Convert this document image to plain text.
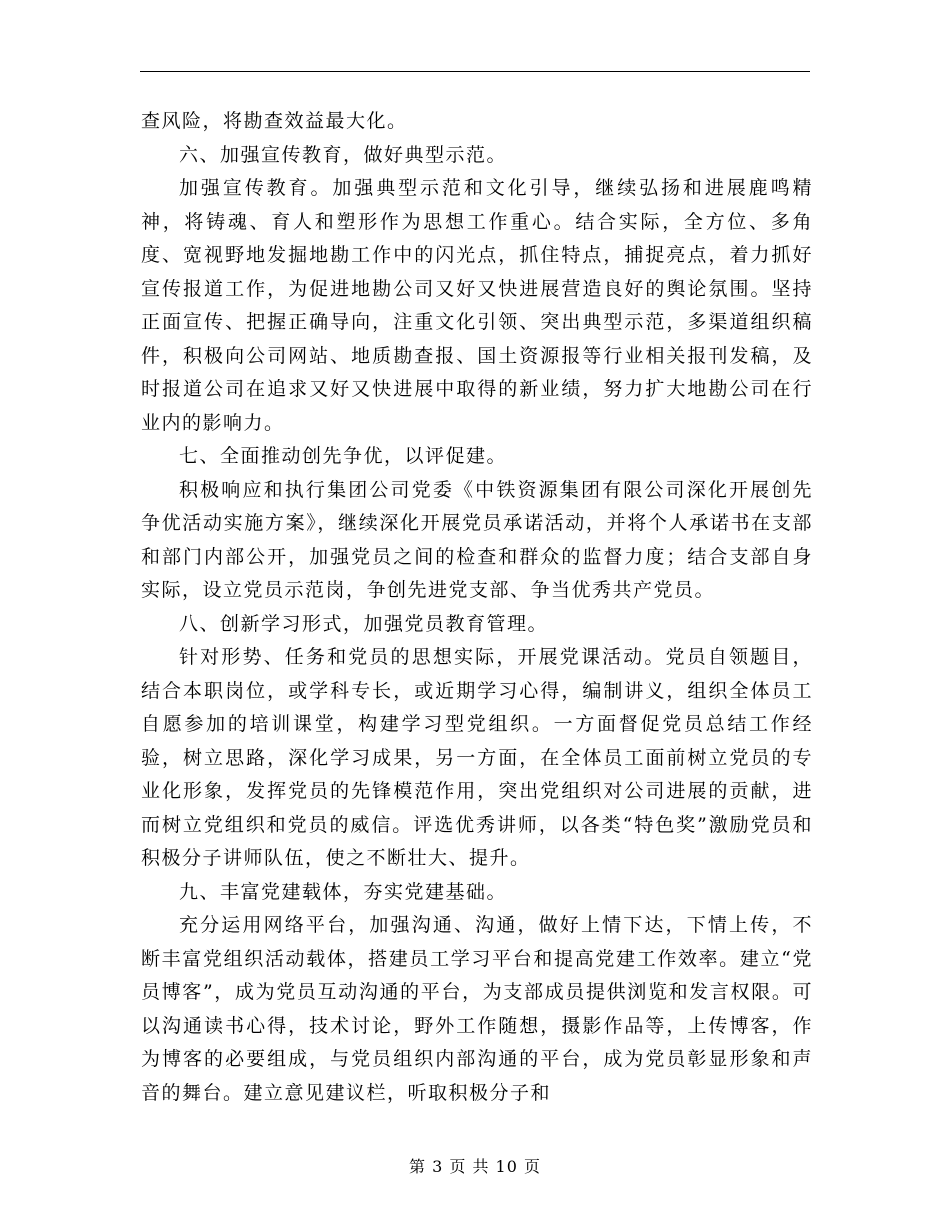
查风险，将勘查效益最大化。

六、加强宣传教育，做好典型示范。

加强宣传教育。加强典型示范和文化引导，继续弘扬和进展鹿鸣精神，将铸魂、育人和塑形作为思想工作重心。结合实际，全方位、多角度、宽视野地发掘地勘工作中的闪光点，抓住特点，捕捉亮点，着力抓好宣传报道工作，为促进地勘公司又好又快进展营造良好的舆论氛围。坚持正面宣传、把握正确导向，注重文化引领、突出典型示范，多渠道组织稿件，积极向公司网站、地质勘查报、国土资源报等行业相关报刊发稿，及时报道公司在追求又好又快进展中取得的新业绩，努力扩大地勘公司在行业内的影响力。

七、全面推动创先争优，以评促建。

积极响应和执行集团公司党委《中铁资源集团有限公司深化开展创先争优活动实施方案》，继续深化开展党员承诺活动，并将个人承诺书在支部和部门内部公开，加强党员之间的检查和群众的监督力度；结合支部自身实际，设立党员示范岗，争创先进党支部、争当优秀共产党员。

八、创新学习形式，加强党员教育管理。

针对形势、任务和党员的思想实际，开展党课活动。党员自领题目，结合本职岗位，或学科专长，或近期学习心得，编制讲义，组织全体员工自愿参加的培训课堂，构建学习型党组织。一方面督促党员总结工作经验，树立思路，深化学习成果，另一方面，在全体员工面前树立党员的专业化形象，发挥党员的先锋模范作用，突出党组织对公司进展的贡献，进而树立党组织和党员的威信。评选优秀讲师，以各类“特色奖”激励党员和积极分子讲师队伍，使之不断壮大、提升。

九、丰富党建载体，夯实党建基础。

充分运用网络平台，加强沟通、沟通，做好上情下达，下情上传，不断丰富党组织活动载体，搭建员工学习平台和提高党建工作效率。建立“党员博客”，成为党员互动沟通的平台，为支部成员提供浏览和发言权限。可以沟通读书心得，技术讨论，野外工作随想，摄影作品等，上传博客，作为博客的必要组成，与党员组织内部沟通的平台，成为党员彰显形象和声音的舞台。建立意见建议栏，听取积极分子和

第 3 页 共 10 页
